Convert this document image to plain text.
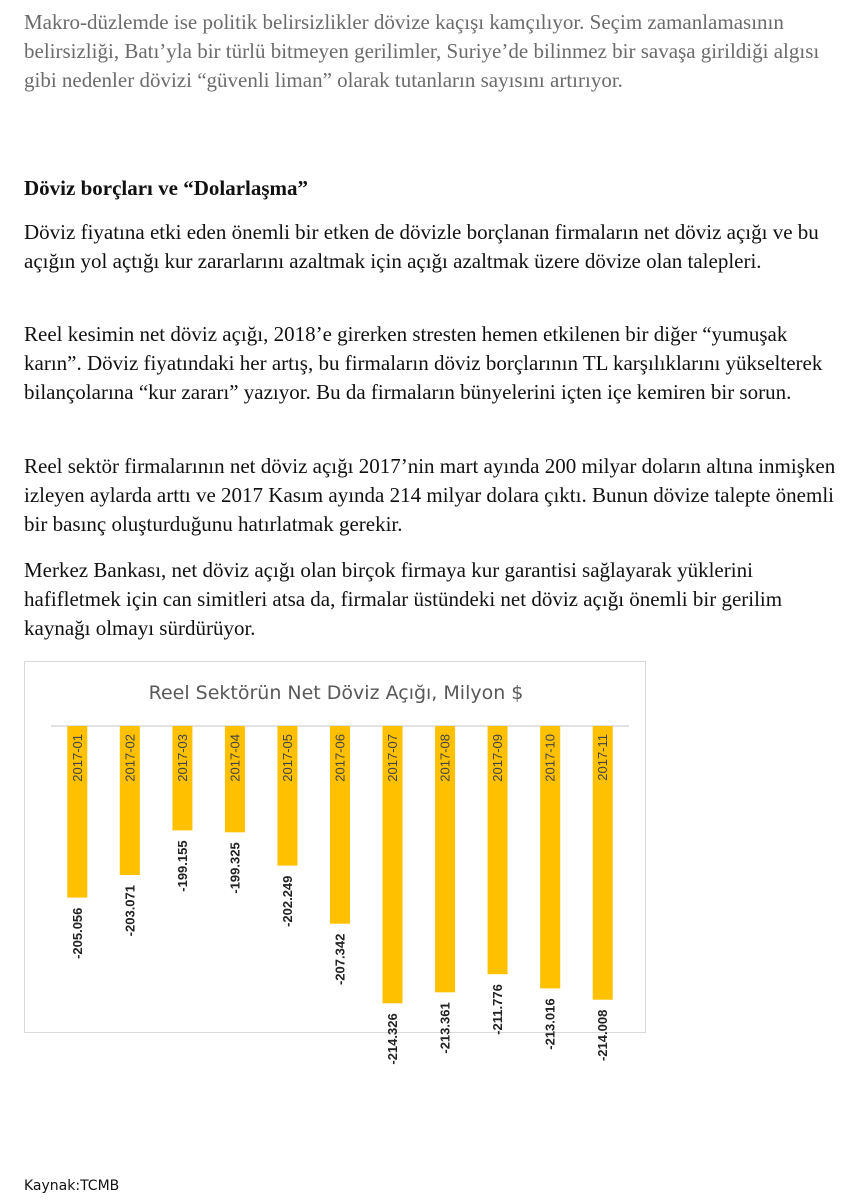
Makro-düzlemde ise politik belirsizlikler dövize kaçışı kamçılıyor. Seçim zamanlamasının belirsizliği, Batı’yla bir türlü bitmeyen gerilimler, Suriye’de bilinmez bir savaşa girildiği algısı gibi nedenler dövizi “güvenli liman” olarak tutanların sayısını artırıyor.

Döviz borçları ve “Dolarlaşma”

Döviz fiyatına etki eden önemli bir etken de dövizle borçlanan firmaların net döviz açığı ve bu açığın yol açtığı kur zararlarını azaltmak için açığı azaltmak üzere dövize olan talepleri.

Reel kesimin net döviz açığı, 2018’e girerken stresten hemen etkilenen bir diğer “yumuşak karın”. Döviz fiyatındaki her artış, bu firmaların döviz borçlarının TL karşılıklarını yükselterek bilançolarına “kur zararı” yazıyor. Bu da firmaların bünyelerini içten içe kemiren bir sorun.

Reel sektör firmalarının net döviz açığı 2017’nin mart ayında 200 milyar doların altına inmişken izleyen aylarda arttı ve 2017 Kasım ayında 214 milyar dolara çıktı. Bunun dövize talepte önemli bir basınç oluşturduğunu hatırlatmak gerekir.

Merkez Bankası, net döviz açığı olan birçok firmaya kur garantisi sağlayarak yüklerini hafifletmek için can simitleri atsa da, firmalar üstündeki net döviz açığı önemli bir gerilim kaynağı olmayı sürdürüyor.

Reel Sektörün Net Döviz Açığı, Milyon $
2017-01
-205.056
2017-02
-203.071
2017-03
-199.155
2017-04
-199.325
2017-05
-202.249
2017-06
-207.342
2017-07
-214.326
2017-08
-213.361
2017-09
-211.776
2017-10
-213.016
2017-11
-214.008

Kaynak:TCMB
